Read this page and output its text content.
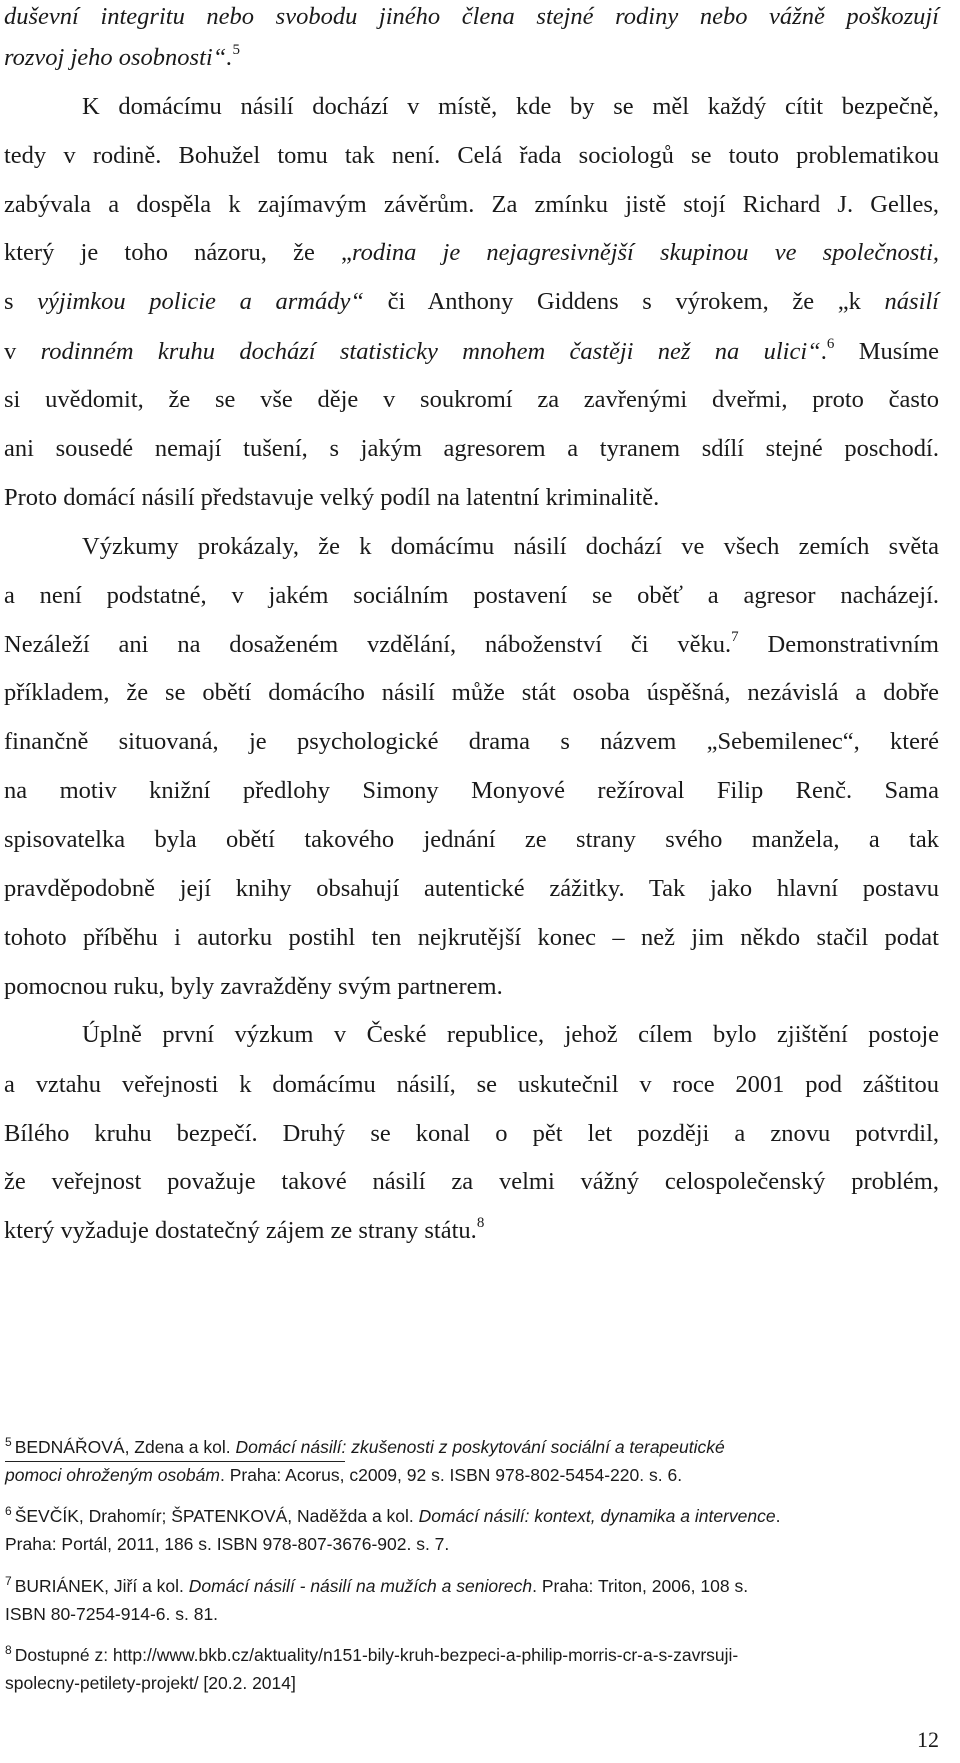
duševní integritu nebo svobodu jiného člena stejné rodiny nebo vážně poškozují
rozvoj jeho osobnosti“.$^5$
K domácímu násilí dochází v místě, kde by se měl každý cítit bezpečně,
tedy v rodině. Bohužel tomu tak není. Celá řada sociologů se touto problematikou
zabývala a dospěla k zajímavým závěrům. Za zmínku jistě stojí Richard J. Gelles,
který je toho názoru, že „rodina je nejagresivnější skupinou ve společnosti,
s výjimkou policie a armády“ či Anthony Giddens s výrokem, že „k násilí
v rodinném kruhu dochází statisticky mnohem častěji než na ulici“.$^6$ Musíme
si uvědomit, že se vše děje v soukromí za zavřenými dveřmi, proto často
ani sousedé nemají tušení, s jakým agresorem a tyranem sdílí stejné poschodí.
Proto domácí násilí představuje velký podíl na latentní kriminalitě.
Výzkumy prokázaly, že k domácímu násilí dochází ve všech zemích světa
a není podstatné, v jakém sociálním postavení se oběť a agresor nacházejí.
Nezáleží ani na dosaženém vzdělání, náboženství či věku.$^7$ Demonstrativním
příkladem, že se obětí domácího násilí může stát osoba úspěšná, nezávislá a dobře
finančně situovaná, je psychologické drama s názvem „Sebemilenec“, které
na motiv knižní předlohy Simony Monyové režíroval Filip Renč. Sama
spisovatelka byla obětí takového jednání ze strany svého manžela, a tak
pravděpodobně její knihy obsahují autentické zážitky. Tak jako hlavní postavu
tohoto příběhu i autorku postihl ten nejkrutější konec – než jim někdo stačil podat
pomocnou ruku, byly zavražděny svým partnerem.
Úplně první výzkum v České republice, jehož cílem bylo zjištění postoje
a vztahu veřejnosti k domácímu násilí, se uskutečnil v roce 2001 pod záštitou
Bílého kruhu bezpečí. Druhý se konal o pět let později a znovu potvrdil,
že veřejnost považuje takové násilí za velmi vážný celospolečenský problém,
který vyžaduje dostatečný zájem ze strany státu.$^8$
$^5$ BEDNÁŘOVÁ, Zdena a kol. Domácí násilí: zkušenosti z poskytování sociální a terapeutické
pomoci ohroženým osobám. Praha: Acorus, c2009, 92 s. ISBN 978-802-5454-220. s. 6.
$^6$ ŠEVČÍK, Drahomír; ŠPATENKOVÁ, Naděžda a kol. Domácí násilí: kontext, dynamika a intervence.
Praha: Portál, 2011, 186 s. ISBN 978-807-3676-902. s. 7.
$^7$ BURIÁNEK, Jiří a kol. Domácí násilí - násilí na mužích a seniorech. Praha: Triton, 2006, 108 s.
ISBN 80-7254-914-6. s. 81.
$^8$ Dostupné z: http://www.bkb.cz/aktuality/n151-bily-kruh-bezpeci-a-philip-morris-cr-a-s-zavrsuji-
spolecny-petilety-projekt/ [20.2. 2014]
12
